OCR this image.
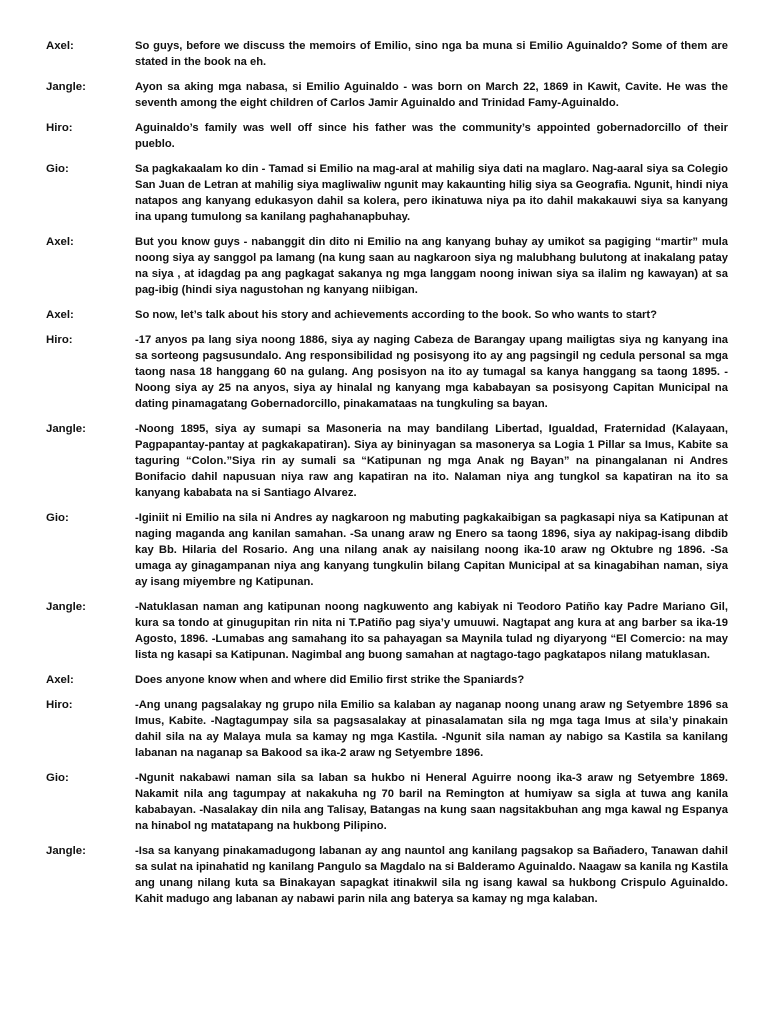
Axel:	So guys, before we discuss the memoirs of Emilio, sino nga ba muna si Emilio Aguinaldo? Some of them are stated in the book na eh.
Jangle:	Ayon sa aking mga nabasa, si Emilio Aguinaldo - was born on March 22, 1869 in Kawit, Cavite. He was the seventh among the eight children of Carlos Jamir Aguinaldo and Trinidad Famy-Aguinaldo.
Hiro:	Aguinaldo’s family was well off since his father was the community’s appointed gobernadorcillo of their pueblo.
Gio:	Sa pagkakaalam ko din - Tamad si Emilio na mag-aral at mahilig siya dati na maglaro. Nag-aaral siya sa Colegio San Juan de Letran at mahilig siya magliwaliw ngunit may kakaunting hilig siya sa Geografia. Ngunit, hindi niya natapos ang kanyang edukasyon dahil sa kolera, pero ikinatuwa niya pa ito dahil makakauwi siya sa kanyang ina upang tumulong sa kanilang paghahanapbuhay.
Axel:	But you know guys - nabanggit din dito ni Emilio na ang kanyang buhay ay umikot sa pagiging “martir” mula noong siya ay sanggol pa lamang (na kung saan au nagkaroon siya ng malubhang bulutong at inakalang patay na siya , at idagdag pa ang pagkagat sakanya ng mga langgam noong iniwan siya sa ilalim ng kawayan) at sa pag-ibig (hindi siya nagustohan ng kanyang niibigan.
Axel:	So now, let’s talk about his story and achievements according to the book. So who wants to start?
Hiro:	-17 anyos pa lang siya noong 1886, siya ay naging Cabeza de Barangay upang mailigtas siya ng kanyang ina sa sorteong pagsusundalo. Ang responsibilidad ng posisyong ito ay ang pagsingil ng cedula personal sa mga taong nasa 18 hanggang 60 na gulang. Ang posisyon na ito ay tumagal sa kanya hanggang sa taong 1895. -Noong siya ay 25 na anyos, siya ay hinalal ng kanyang mga kababayan sa posisyong Capitan Municipal na dating pinamagatang Gobernadorcillo, pinakamataas na tungkuling sa bayan.
Jangle:	-Noong 1895, siya ay sumapi sa Masoneria na may bandilang Libertad, Igualdad, Fraternidad (Kalayaan, Pagpapantay-pantay at pagkakapatiran). Siya ay bininyagan sa masonerya sa Logia 1 Pillar sa Imus, Kabite sa taguring “Colon.”Siya rin ay sumali sa “Katipunan ng mga Anak ng Bayan” na pinangalanan ni Andres Bonifacio dahil napusuan niya raw ang kapatiran na ito. Nalaman niya ang tungkol sa kapatiran na ito sa kanyang kababata na si Santiago Alvarez.
Gio:	-Iginiit ni Emilio na sila ni Andres ay nagkaroon ng mabuting pagkakaibigan sa pagkasapi niya sa Katipunan at naging maganda ang kanilan samahan. -Sa unang araw ng Enero sa taong 1896, siya ay nakipag-isang dibdib kay Bb. Hilaria del Rosario. Ang una nilang anak ay naisilang noong ika-10 araw ng Oktubre ng 1896. -Sa umaga ay ginagampanan niya ang kanyang tungkulin bilang Capitan Municipal at sa kinagabihan naman, siya ay isang miyembre ng Katipunan.
Jangle:	-Natuklasan naman ang katipunan noong nagkuwento ang kabiyak ni Teodoro Patiño kay Padre Mariano Gil, kura sa tondo at ginugupitan rin nita ni T.Patiño pag siya’y umuuwi. Nagtapat ang kura at ang barber sa ika-19 Agosto, 1896. -Lumabas ang samahang ito sa pahayagan sa Maynila tulad ng diyaryong “El Comercio: na may lista ng kasapi sa Katipunan. Nagimbal ang buong samahan at nagtago-tago pagkatapos nilang matuklasan.
Axel:	Does anyone know when and where did Emilio first strike the Spaniards?
Hiro:	-Ang unang pagsalakay ng grupo nila Emilio sa kalaban ay naganap noong unang araw ng Setyembre 1896 sa Imus, Kabite. -Nagtagumpay sila sa pagsasalakay at pinasalamatan sila ng mga taga Imus at sila’y pinakain dahil sila na ay Malaya mula sa kamay ng mga Kastila. -Ngunit sila naman ay nabigo sa Kastila sa kanilang labanan na naganap sa Bakood sa ika-2 araw ng Setyembre 1896.
Gio:	-Ngunit nakabawi naman sila sa laban sa hukbo ni Heneral Aguirre noong ika-3 araw ng Setyembre 1869. Nakamit nila ang tagumpay at nakakuha ng 70 baril na Remington at humiyaw sa sigla at tuwa ang kanila kababayan. -Nasalakay din nila ang Talisay, Batangas na kung saan nagsitakbuhan ang mga kawal ng Espanya na hinabol ng matatapang na hukbong Pilipino.
Jangle:	-Isa sa kanyang pinakamadugong labanan ay ang nauntol ang kanilang pagsakop sa Bañadero, Tanawan dahil sa sulat na ipinahatid ng kanilang Pangulo sa Magdalo na si Balderamo Aguinaldo. Naagaw sa kanila ng Kastila ang unang nilang kuta sa Binakayan sapagkat itinakwil sila ng isang kawal sa hukbong Crispulo Aguinaldo. Kahit madugo ang labanan ay nabawi parin nila ang baterya sa kamay ng mga kalaban.
